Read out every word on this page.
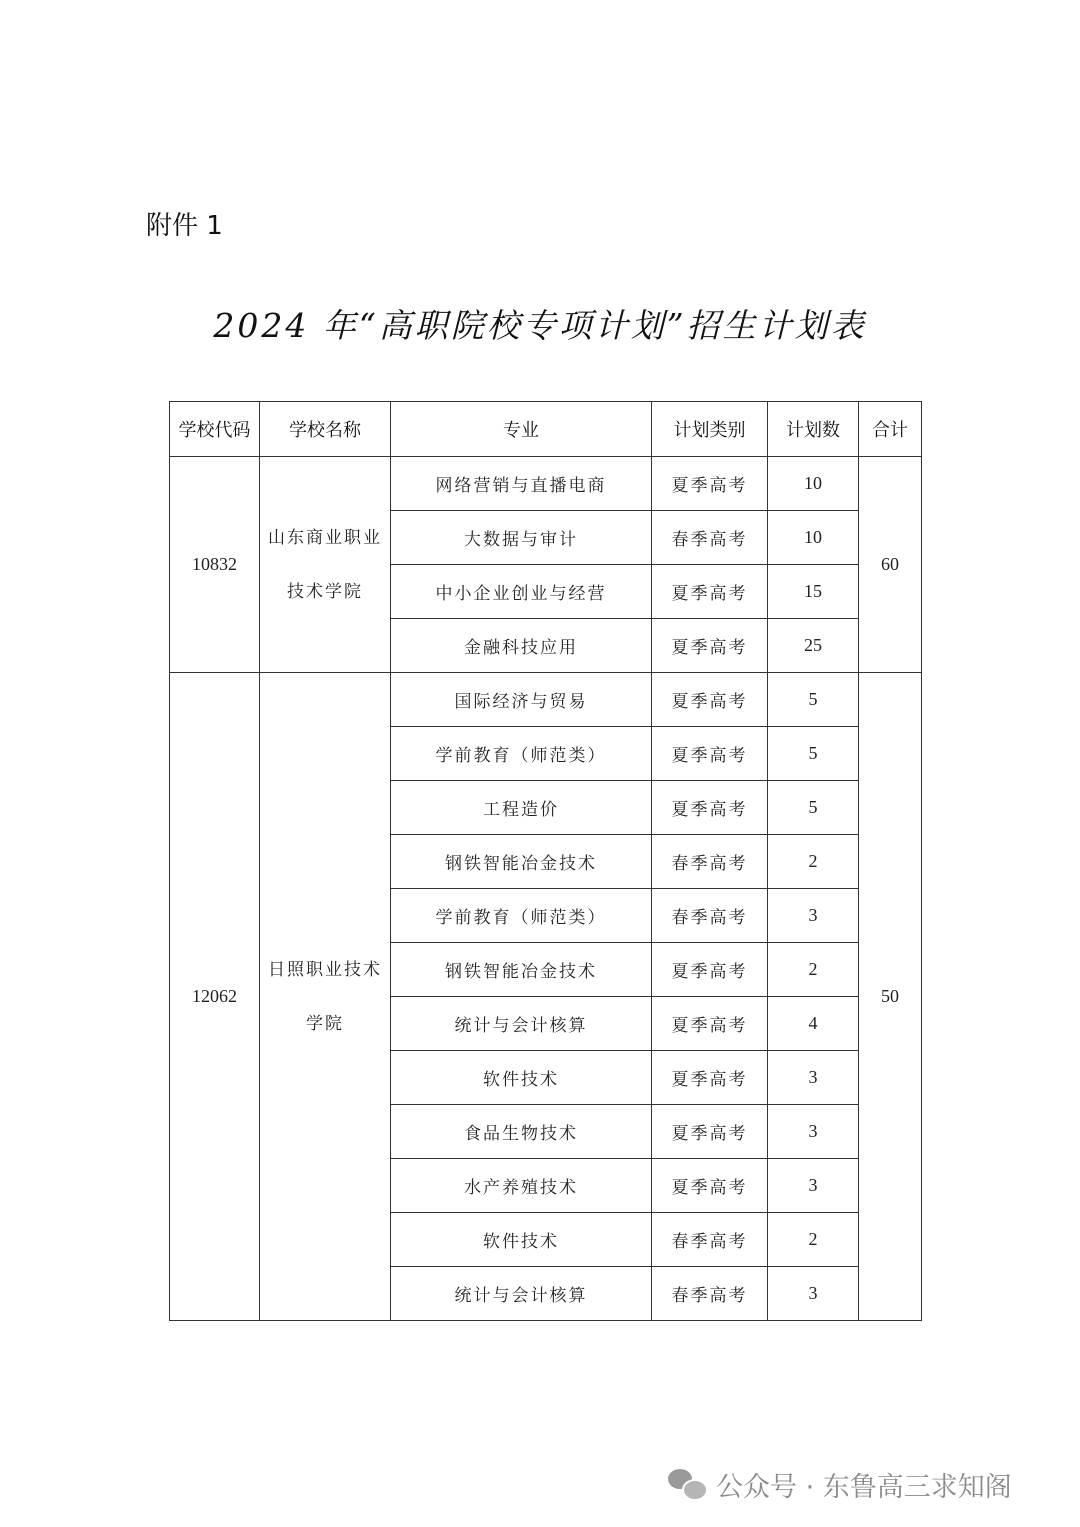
附件 1
2024 年“高职院校专项计划”招生计划表
学校代码	学校名称	专业	计划类别	计划数	合计
10832	山东商业职业技术学院	网络营销与直播电商	夏季高考	10	60
		大数据与审计	春季高考	10	
		中小企业创业与经营	夏季高考	15	
		金融科技应用	夏季高考	25	
12062	日照职业技术学院	国际经济与贸易	夏季高考	5	50
		学前教育（师范类）	夏季高考	5	
		工程造价	夏季高考	5	
		钢铁智能冶金技术	春季高考	2	
		学前教育（师范类）	春季高考	3	
		钢铁智能冶金技术	夏季高考	2	
		统计与会计核算	夏季高考	4	
		软件技术	夏季高考	3	
		食品生物技术	夏季高考	3	
		水产养殖技术	夏季高考	3	
		软件技术	春季高考	2	
		统计与会计核算	春季高考	3	
公众号 · 东鲁高三求知阁
